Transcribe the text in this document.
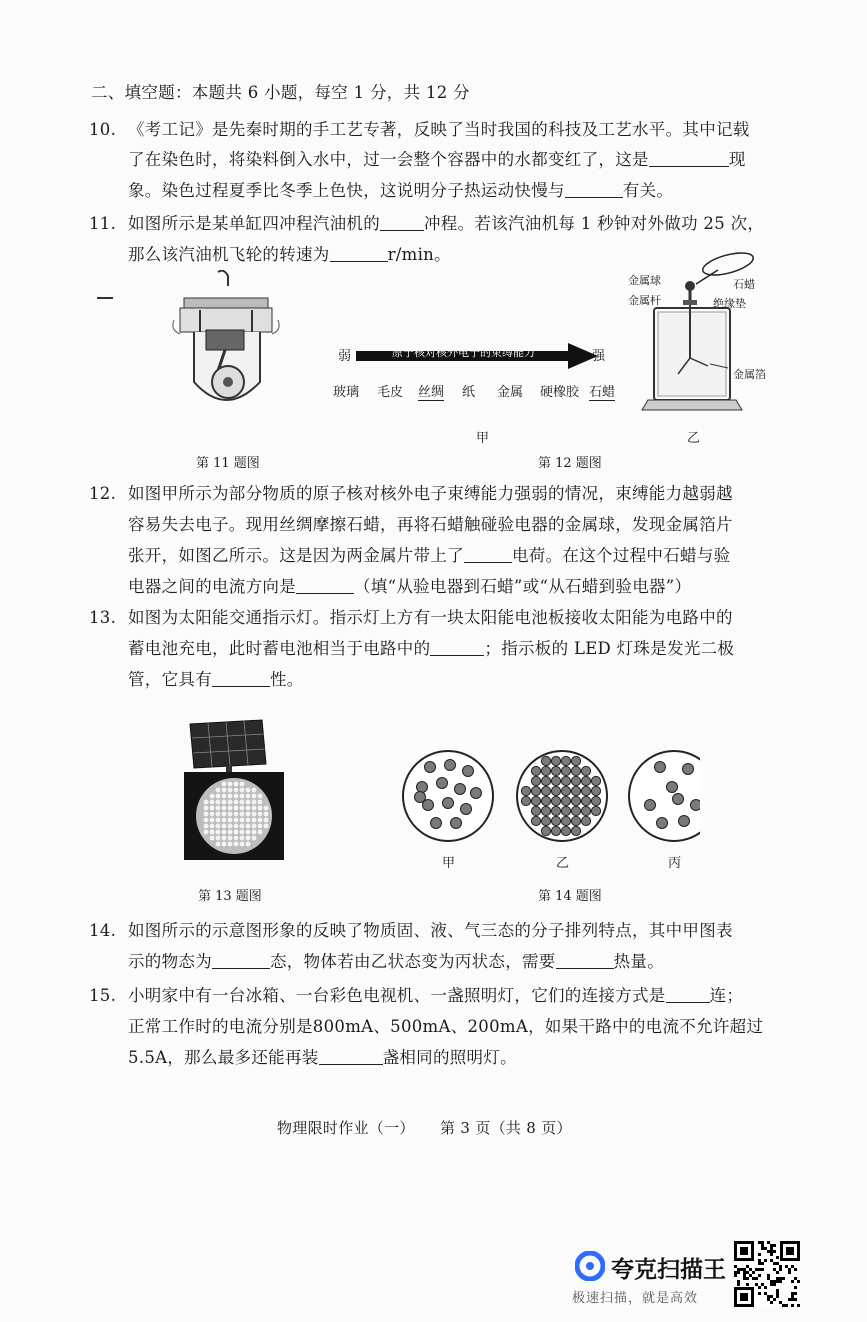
二、填空题：本题共 6 小题，每空 1 分，共 12 分
10. 《考工记》是先秦时期的手工艺专著，反映了当时我国的科技及工艺水平。其中记载
了在染色时，将染料倒入水中，过一会整个容器中的水都变红了，这是	现
象。染色过程夏季比冬季上色快，这说明分子热运动快慢与	有关。
11. 如图所示是某单缸四冲程汽油机的	冲程。若该汽油机每 1 秒钟对外做功 25 次，
那么该汽油机飞轮的转速为	r/min。
第 11 题图
弱	原子核对核外电子的束缚能力	强
玻璃 毛皮 丝绸 纸 金属 硬橡胶 石蜡
甲
金属球
金属杆
石蜡
绝缘垫
金属箔
乙
第 12 题图
12. 如图甲所示为部分物质的原子核对核外电子束缚能力强弱的情况，束缚能力越弱越
容易失去电子。现用丝绸摩擦石蜡，再将石蜡触碰验电器的金属球，发现金属箔片
张开，如图乙所示。这是因为两金属片带上了	电荷。在这个过程中石蜡与验
电器之间的电流方向是	（填“从验电器到石蜡”或“从石蜡到验电器”）
13. 如图为太阳能交通指示灯。指示灯上方有一块太阳能电池板接收太阳能为电路中的
蓄电池充电，此时蓄电池相当于电路中的	；指示板的 LED 灯珠是发光二极
管，它具有	性。
第 13 题图
甲	乙	丙
第 14 题图
14. 如图所示的示意图形象的反映了物质固、液、气三态的分子排列特点，其中甲图表
示的物态为	态，物体若由乙状态变为丙状态，需要	热量。
15. 小明家中有一台冰箱、一台彩色电视机、一盏照明灯，它们的连接方式是	连；
正常工作时的电流分别是800mA、500mA、200mA，如果干路中的电流不允许超过
5.5A，那么最多还能再装	盏相同的照明灯。
物理限时作业（一）     第 3 页（共 8 页）
夸克扫描王
极速扫描，就是高效
